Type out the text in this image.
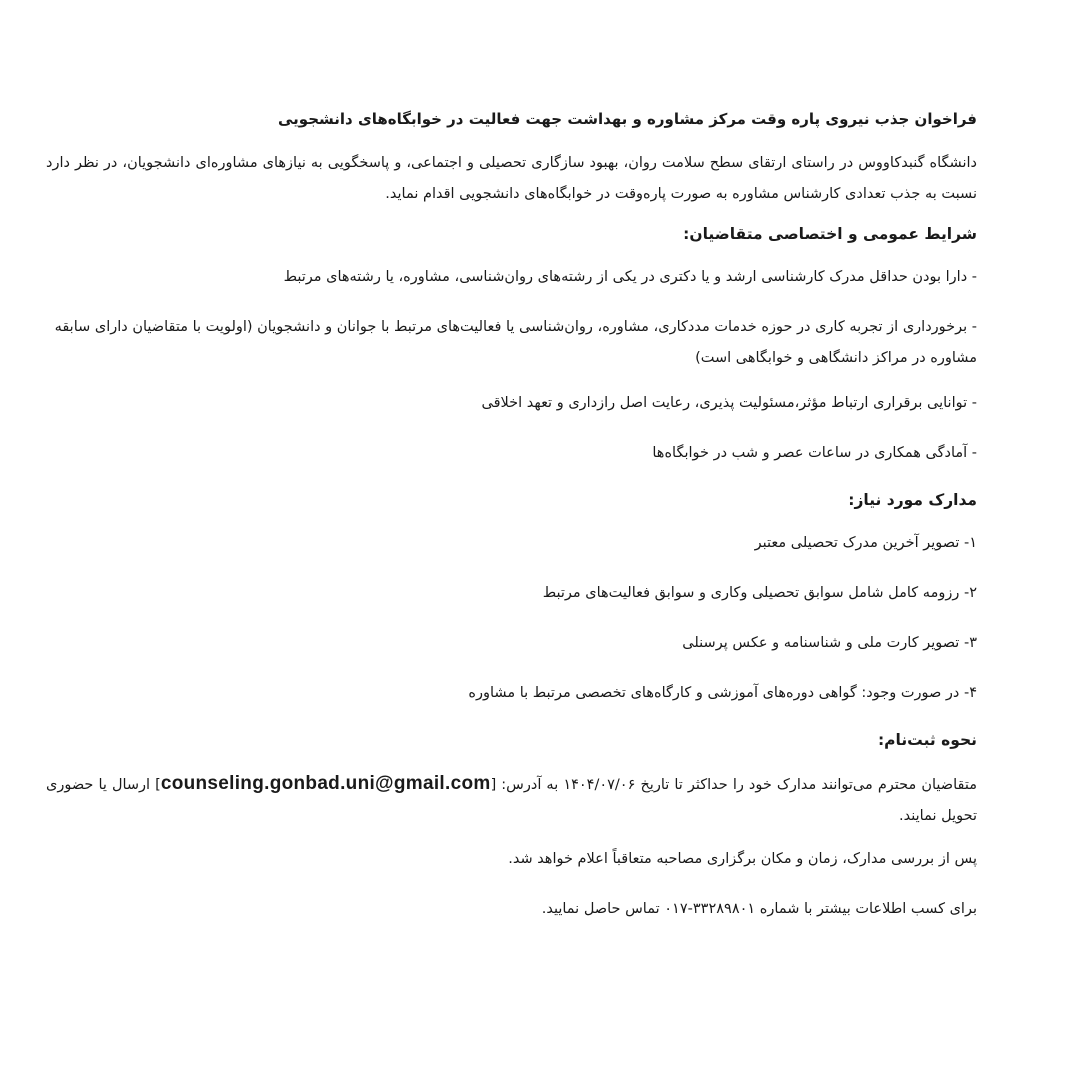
فراخوان جذب نیروی پاره وقت مرکز مشاوره و بهداشت جهت فعالیت در خوابگاه‌های دانشجویی
دانشگاه گنبدکاووس در راستای ارتقای سطح سلامت روان، بهبود سازگاری تحصیلی و اجتماعی، و پاسخگویی به نیازهای مشاوره‌ای دانشجویان، در نظر دارد نسبت به جذب تعدادی کارشناس مشاوره به صورت پاره‌وقت در خوابگاه‌های دانشجویی اقدام نماید.
شرایط عمومی و اختصاصی متقاضیان:
- دارا بودن حداقل مدرک کارشناسی ارشد و یا دکتری در یکی از رشته‌های روان‌شناسی، مشاوره، یا رشته‌های مرتبط
- برخورداری از تجربه کاری در حوزه خدمات مددکاری، مشاوره، روان‌شناسی یا فعالیت‌های مرتبط با جوانان و دانشجویان (اولویت با متقاضیان دارای سابقه مشاوره در مراکز دانشگاهی و خوابگاهی است)
- توانایی برقراری ارتباط مؤثر،مسئولیت پذیری، رعایت اصل رازداری و تعهد اخلاقی
- آمادگی همکاری در ساعات عصر و شب در خوابگاه‌ها
مدارک مورد نیاز:
۱- تصویر آخرین مدرک تحصیلی معتبر
۲- رزومه کامل شامل سوابق تحصیلی وکاری و سوابق فعالیت‌های مرتبط
۳- تصویر کارت ملی و شناسنامه و عکس پرسنلی
۴- در صورت وجود: گواهی دوره‌های آموزشی و کارگاه‌های تخصصی مرتبط با مشاوره
نحوه ثبت‌نام:
متقاضیان محترم می‌توانند مدارک خود را حداکثر تا تاریخ ۱۴۰۴/۰۷/۰۶ به آدرس: [counseling.gonbad.uni@gmail.com] ارسال یا حضوری تحویل نمایند.
پس از بررسی مدارک، زمان و مکان برگزاری مصاحبه متعاقباً اعلام خواهد شد.
برای کسب اطلاعات بیشتر با شماره ۳۳۲۸۹۸۰۱-۰۱۷ تماس حاصل نمایید.
